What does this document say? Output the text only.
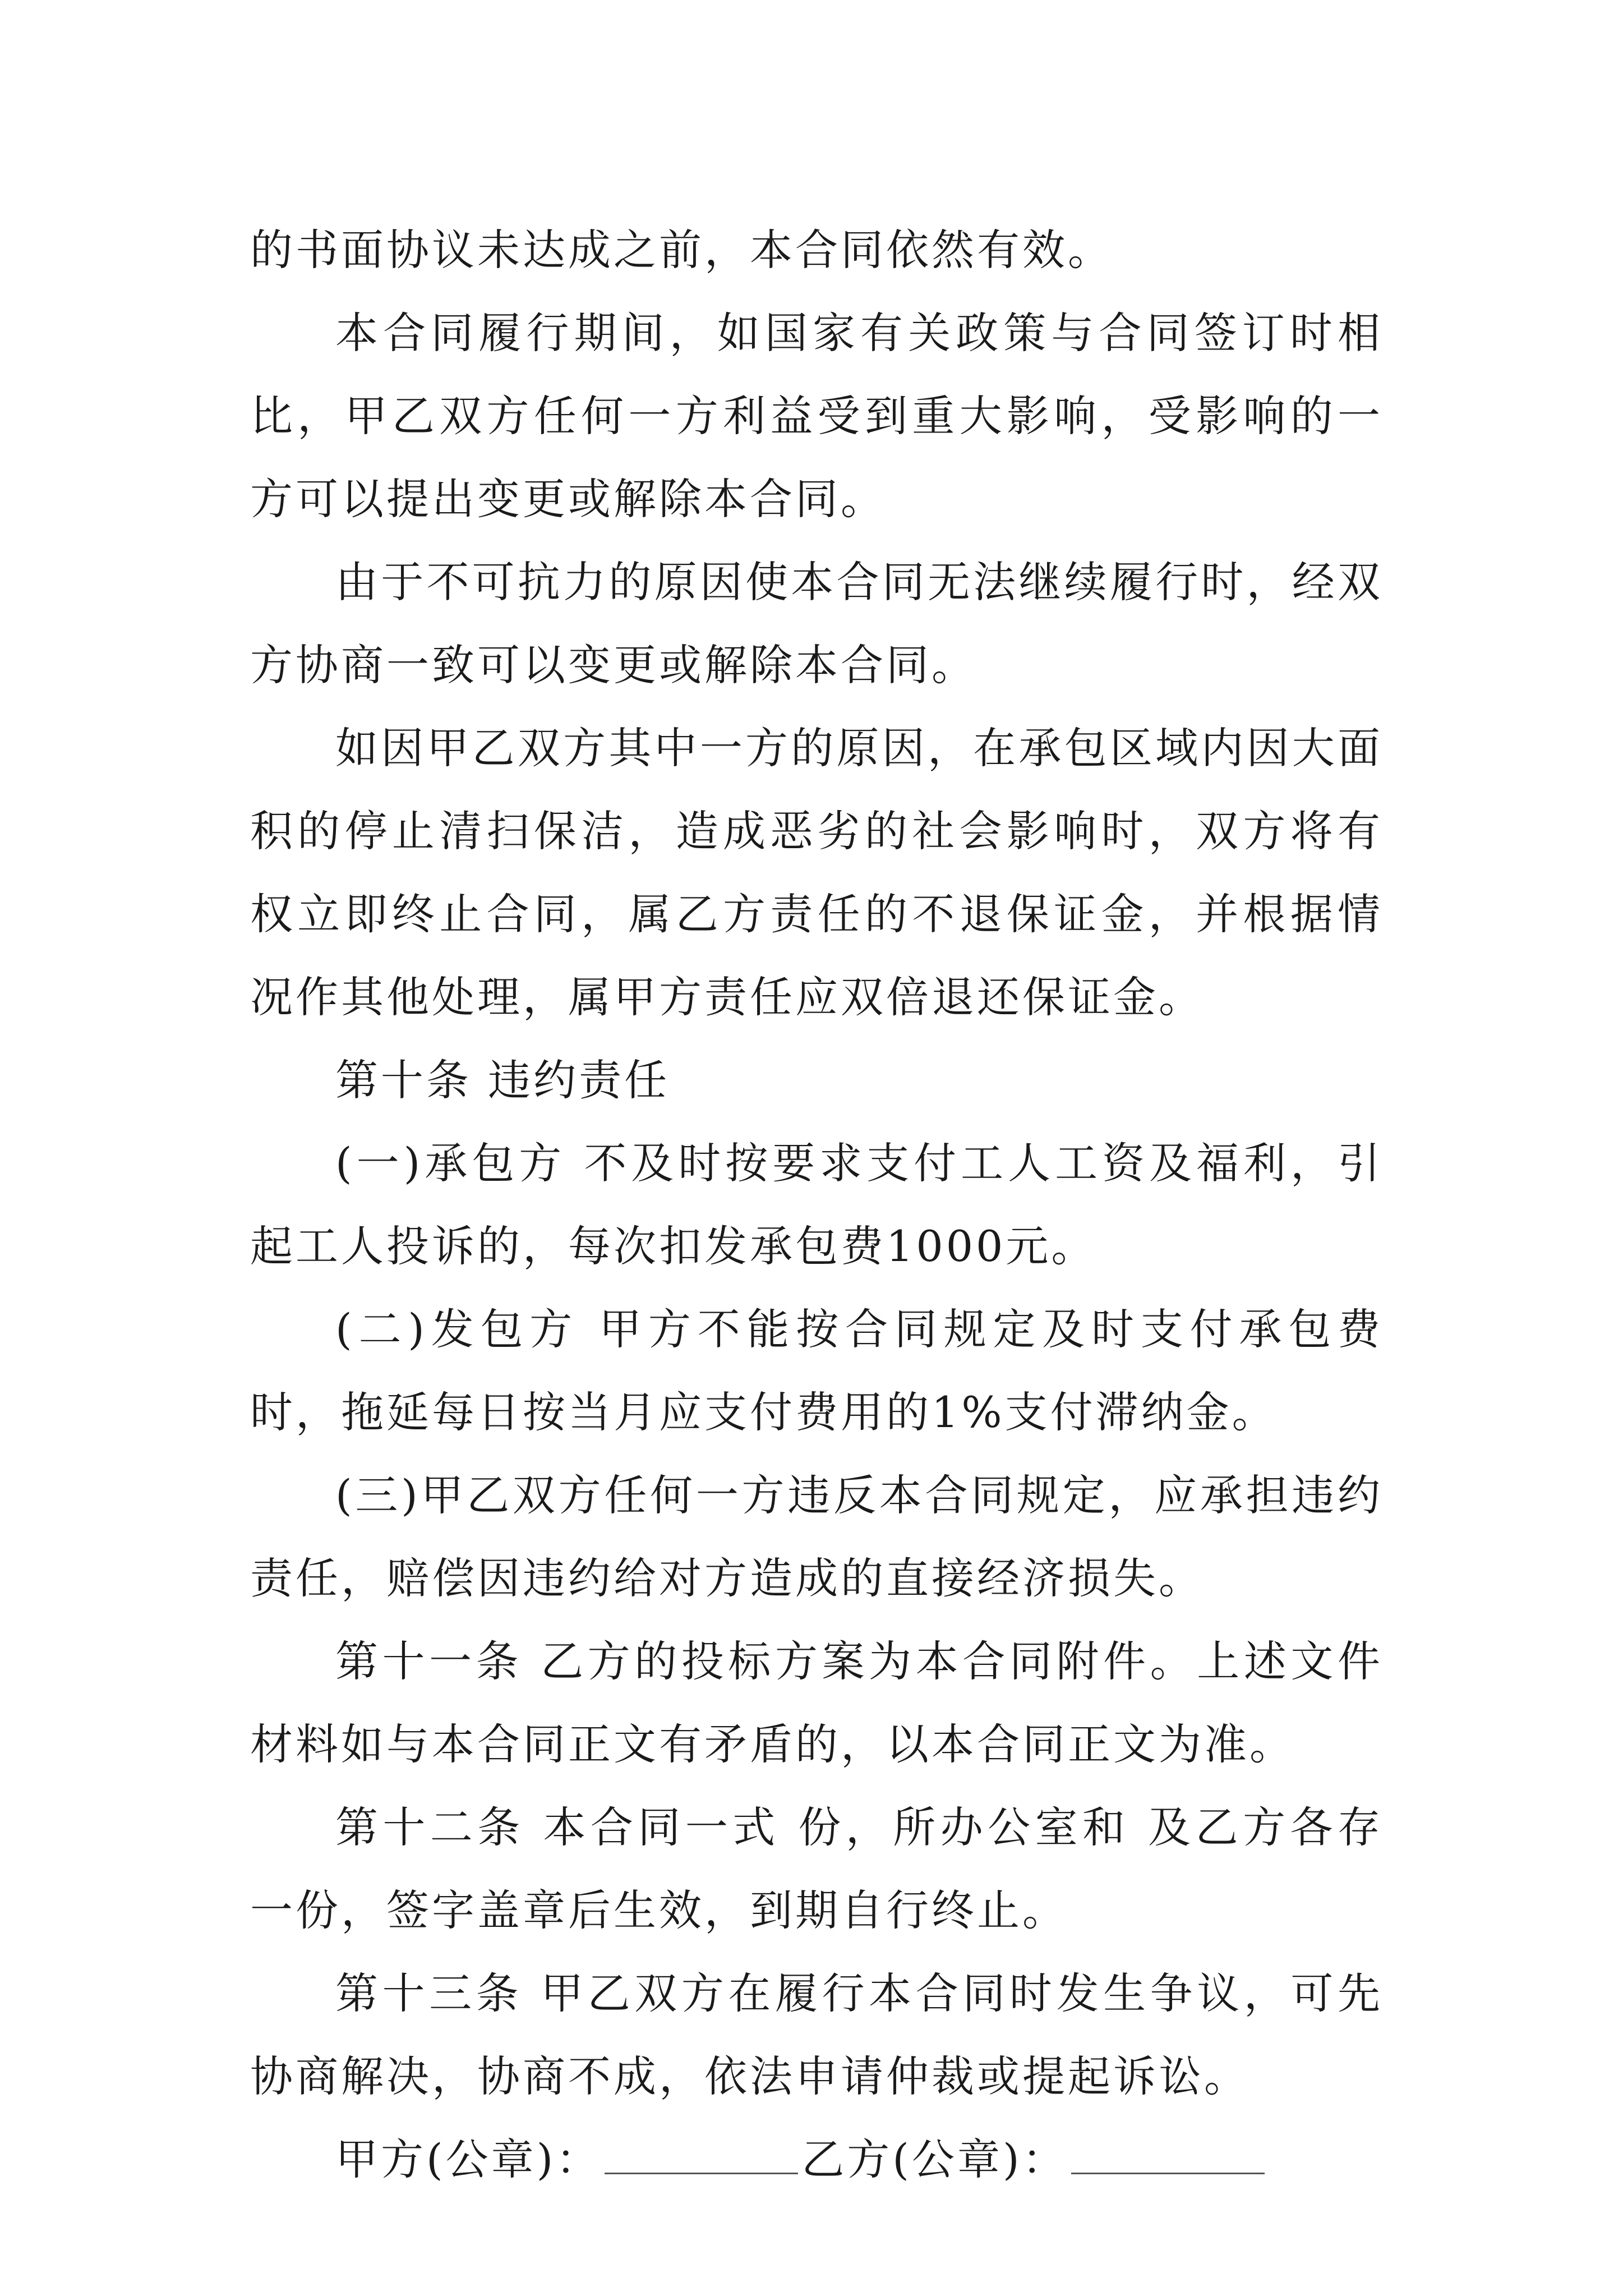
的书面协议未达成之前，本合同依然有效。

本合同履行期间，如国家有关政策与合同签订时相比，甲乙双方任何一方利益受到重大影响，受影响的一方可以提出变更或解除本合同。

由于不可抗力的原因使本合同无法继续履行时，经双方协商一致可以变更或解除本合同。

如因甲乙双方其中一方的原因，在承包区域内因大面积的停止清扫保洁，造成恶劣的社会影响时，双方将有权立即终止合同，属乙方责任的不退保证金，并根据情况作其他处理，属甲方责任应双倍退还保证金。

第十条 违约责任

(一)承包方 不及时按要求支付工人工资及福利，引起工人投诉的，每次扣发承包费1000元。

(二)发包方 甲方不能按合同规定及时支付承包费时，拖延每日按当月应支付费用的1%支付滞纳金。

(三)甲乙双方任何一方违反本合同规定，应承担违约责任，赔偿因违约给对方造成的直接经济损失。

第十一条 乙方的投标方案为本合同附件。上述文件材料如与本合同正文有矛盾的，以本合同正文为准。

第十二条 本合同一式 份，所办公室和 及乙方各存一份，签字盖章后生效，到期自行终止。

第十三条 甲乙双方在履行本合同时发生争议，可先协商解决，协商不成，依法申请仲裁或提起诉讼。

甲方(公章)：	乙方(公章)：
